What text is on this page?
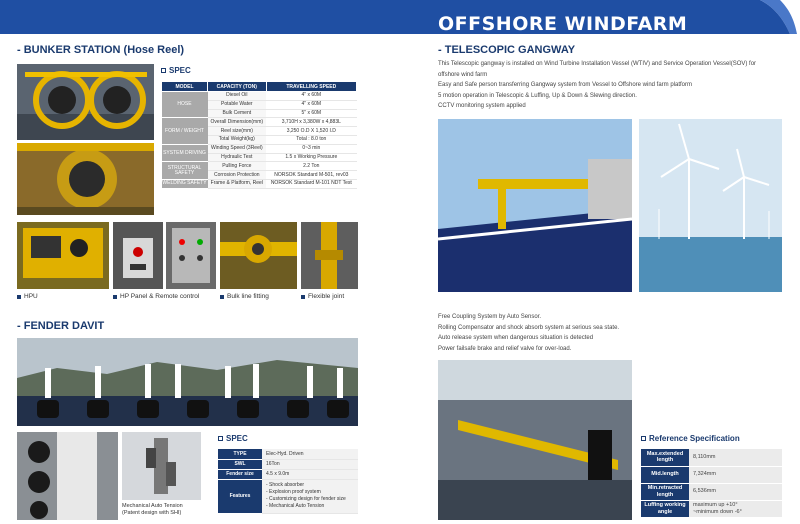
OFFSHORE WINDFARM
- BUNKER STATION (Hose Reel)
SPEC
MODEL	CAPACITY (TON)	TRAVELLING SPEED
HOSE	Diesel Oil	4" x 60M
	Potable Water	4" x 60M
	Bulk Cement	5" x 60M
FORM / WEIGHT	Overall Dimension(mm)	3,710H x 3,380W x 4,883L
	Reel size(mm)	3,250 O.D X 1,520 I.D
	Total Weight(kg)	Total : 8.0 ton
SYSTEM DRIVING	Winding Speed (3Reel)	0~3 min
	Hydraulic Test	1.5 x Working Pressure
STRUCTURAL SAFETY	Pulling Force	2.2 Ton
	Corrosion Protection	NORSOK Standard M-501, rev03
WELDING SAFETY	Frame & Platform, Reel	NORSOK Standard M-101 NDT Test
HPU	HP Panel & Remote control	Bulk line fitting	Flexible joint
- FENDER DAVIT
Mechanical Auto Tension
(Patent design with SHI)
SPEC
TYPE	Elec-Hyd. Driven
SWL	16Ton
Fender size	4.5 x 9.0m
Features	- Shock absorber
- Explosion proof system
- Customizing design for fender size
- Mechanical Auto Tension
- TELESCOPIC GANGWAY
This Telescopic gangway is installed on Wind Turbine Installation Vessel (WTIV) and Service Operation Vessel(SOV) for
offshore wind farm
Easy and Safe person transferring Gangway system from Vessel to Offshore wind farm platform
5 motion operation in Telescopic & Luffing, Up & Down & Slewing direction.
CCTV monitoring system applied
Free Coupling System by Auto Sensor.
Rolling Compensator and shock absorb system at serious sea state.
Auto release system when dangerous situation is detected
Power failsafe brake and relief valve for over-load.
Reference Specification
Max.extended length	8,110mm
Mid.length	7,324mm
Min.retracted length	6,536mm
Luffing working angle	maximum up +10°
~minimum down -6°
